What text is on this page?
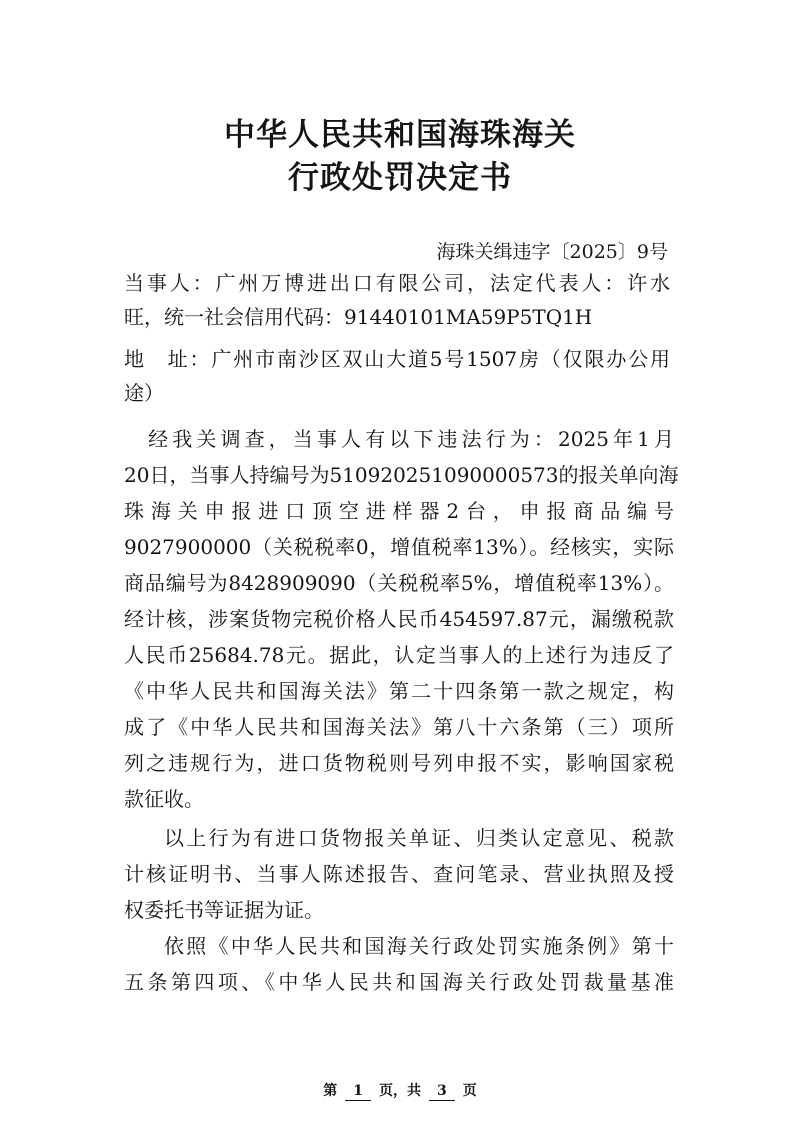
中华人民共和国海珠海关
行政处罚决定书
海珠关缉违字〔2025〕9号
当事人：广州万博进出口有限公司，法定代表人：许水
旺，统一社会信用代码：91440101MA59P5TQ1H
地　址：广州市南沙区双山大道5号1507房（仅限办公用
途）
　经我关调查，当事人有以下违法行为：2025年1月
20日，当事人持编号为510920251090000573的报关单向海
珠海关申报进口顶空进样器2台，申报商品编号
9027900000（关税税率0，增值税率13%）。经核实，实际
商品编号为8428909090（关税税率5%，增值税率13%）。
经计核，涉案货物完税价格人民币454597.87元，漏缴税款
人民币25684.78元。据此，认定当事人的上述行为违反了
《中华人民共和国海关法》第二十四条第一款之规定，构
成了《中华人民共和国海关法》第八十六条第（三）项所
列之违规行为，进口货物税则号列申报不实，影响国家税
款征收。
以上行为有进口货物报关单证、归类认定意见、税款
计核证明书、当事人陈述报告、查问笔录、营业执照及授
权委托书等证据为证。
依照《中华人民共和国海关行政处罚实施条例》第十
五条第四项、《中华人民共和国海关行政处罚裁量基准
第 1 页，共 3 页
